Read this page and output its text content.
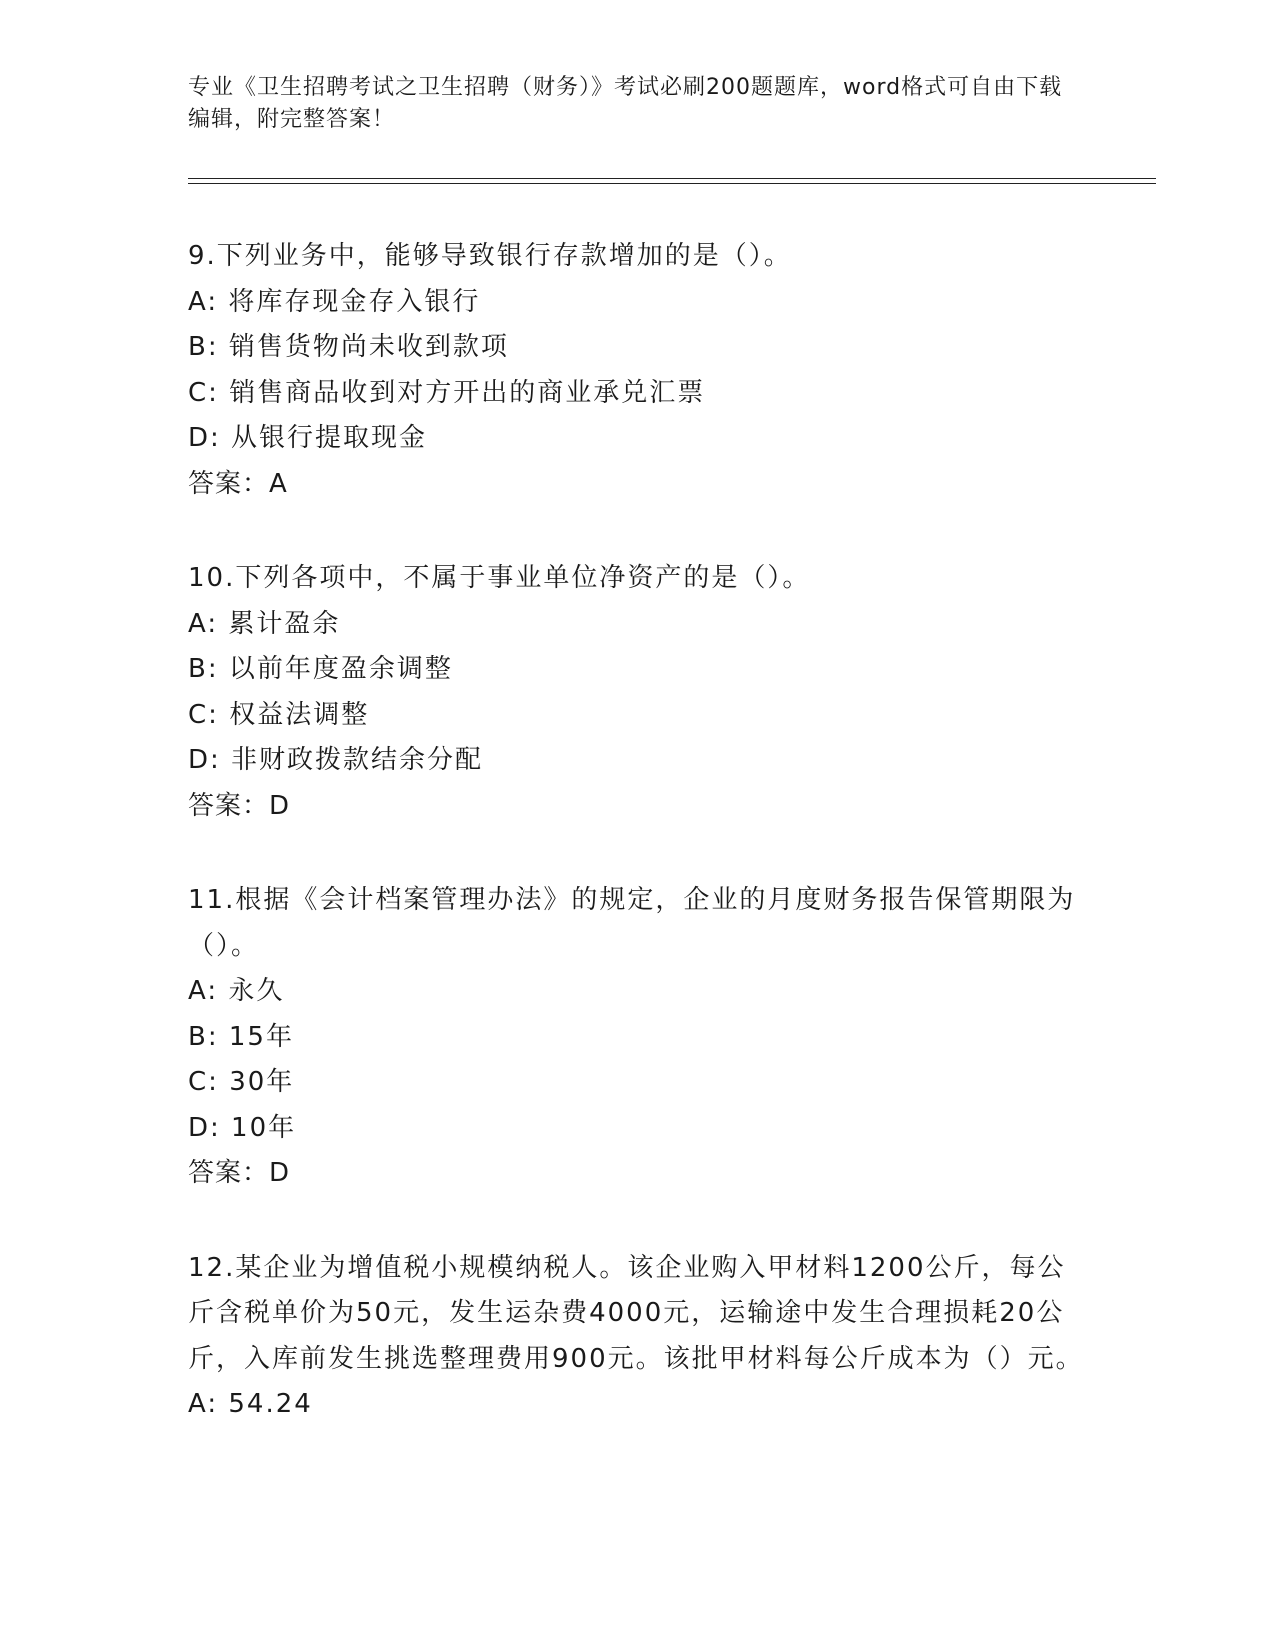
专业《卫生招聘考试之卫生招聘（财务）》考试必刷200题题库，word格式可自由下载编辑，附完整答案！
9.下列业务中，能够导致银行存款增加的是（）。
A: 将库存现金存入银行
B: 销售货物尚未收到款项
C: 销售商品收到对方开出的商业承兑汇票
D: 从银行提取现金
答案：A
10.下列各项中，不属于事业单位净资产的是（）。
A: 累计盈余
B: 以前年度盈余调整
C: 权益法调整
D: 非财政拨款结余分配
答案：D
11.根据《会计档案管理办法》的规定，企业的月度财务报告保管期限为（）。
A: 永久
B: 15年
C: 30年
D: 10年
答案：D
12.某企业为增值税小规模纳税人。该企业购入甲材料1200公斤，每公斤含税单价为50元，发生运杂费4000元，运输途中发生合理损耗20公斤，入库前发生挑选整理费用900元。该批甲材料每公斤成本为（）元。
A: 54.24
